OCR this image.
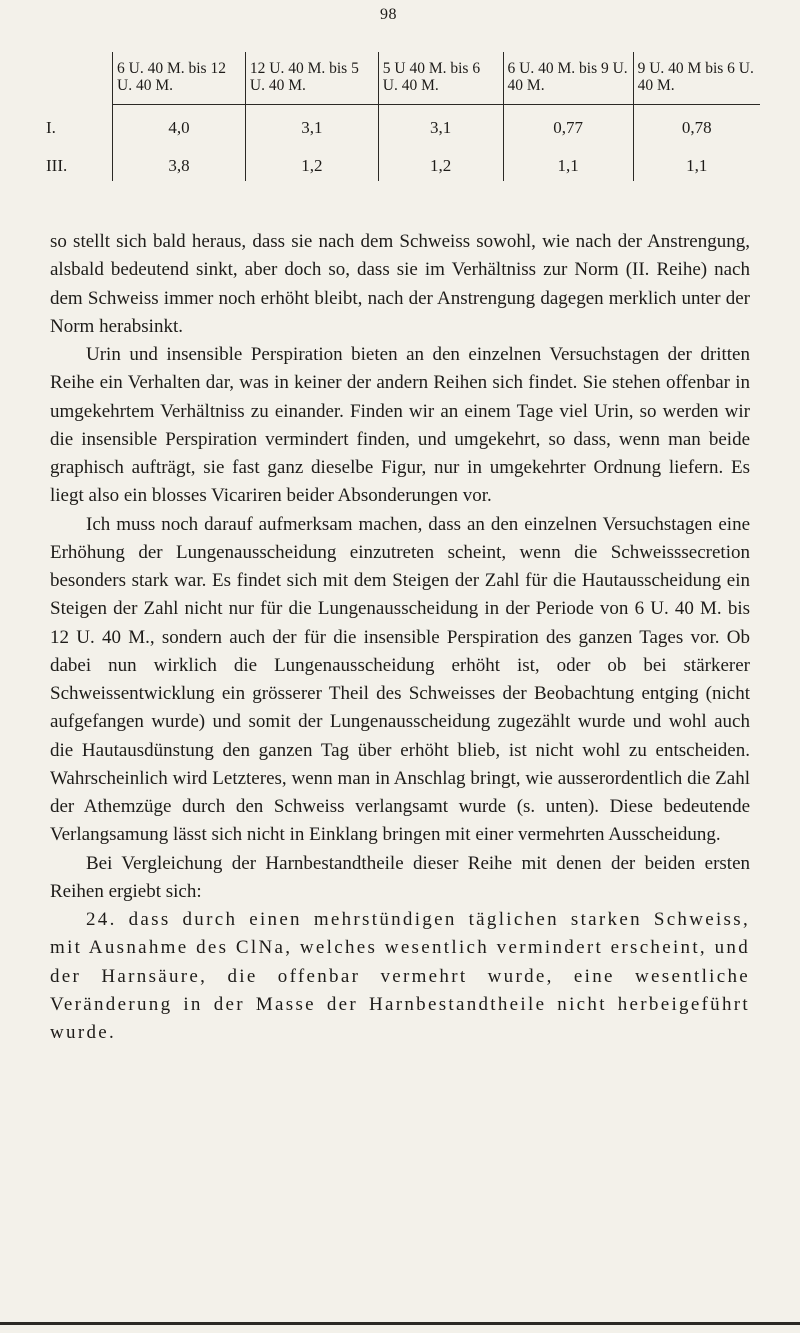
98
	6 U. 40 M. bis 12 U. 40 M.	12 U. 40 M. bis 5 U. 40 M.	5 U 40 M. bis 6 U. 40 M.	6 U. 40 M. bis 9 U. 40 M.	9 U. 40 M bis 6 U. 40 M.
I.	4,0	3,1	3,1	0,77	0,78
III.	3,8	1,2	1,2	1,1	1,1

so stellt sich bald heraus, dass sie nach dem Schweiss sowohl, wie nach der Anstrengung, alsbald bedeutend sinkt, aber doch so, dass sie im Verhältniss zur Norm (II. Reihe) nach dem Schweiss immer noch erhöht bleibt, nach der Anstrengung dagegen merklich unter der Norm herabsinkt.

Urin und insensible Perspiration bieten an den einzelnen Versuchstagen der dritten Reihe ein Verhalten dar, was in keiner der andern Reihen sich findet. Sie stehen offenbar in umgekehrtem Verhältniss zu einander. Finden wir an einem Tage viel Urin, so werden wir die insensible Perspiration vermindert finden, und umgekehrt, so dass, wenn man beide graphisch aufträgt, sie fast ganz dieselbe Figur, nur in umgekehrter Ordnung liefern. Es liegt also ein blosses Vicariren beider Absonderungen vor.

Ich muss noch darauf aufmerksam machen, dass an den einzelnen Versuchstagen eine Erhöhung der Lungenausscheidung einzutreten scheint, wenn die Schweisssecretion besonders stark war. Es findet sich mit dem Steigen der Zahl für die Hautausscheidung ein Steigen der Zahl nicht nur für die Lungenausscheidung in der Periode von 6 U. 40 M. bis 12 U. 40 M., sondern auch der für die insensible Perspiration des ganzen Tages vor. Ob dabei nun wirklich die Lungenausscheidung erhöht ist, oder ob bei stärkerer Schweissentwicklung ein grösserer Theil des Schweisses der Beobachtung entging (nicht aufgefangen wurde) und somit der Lungenausscheidung zugezählt wurde und wohl auch die Hautausdünstung den ganzen Tag über erhöht blieb, ist nicht wohl zu entscheiden. Wahrscheinlich wird Letzteres, wenn man in Anschlag bringt, wie ausserordentlich die Zahl der Athemzüge durch den Schweiss verlangsamt wurde (s. unten). Diese bedeutende Verlangsamung lässt sich nicht in Einklang bringen mit einer vermehrten Ausscheidung.

Bei Vergleichung der Harnbestandtheile dieser Reihe mit denen der beiden ersten Reihen ergiebt sich:

24. dass durch einen mehrstündigen täglichen starken Schweiss, mit Ausnahme des ClNa, welches wesentlich vermindert erscheint, und der Harnsäure, die offenbar vermehrt wurde, eine wesentliche Veränderung in der Masse der Harnbestandtheile nicht herbeigeführt wurde.
